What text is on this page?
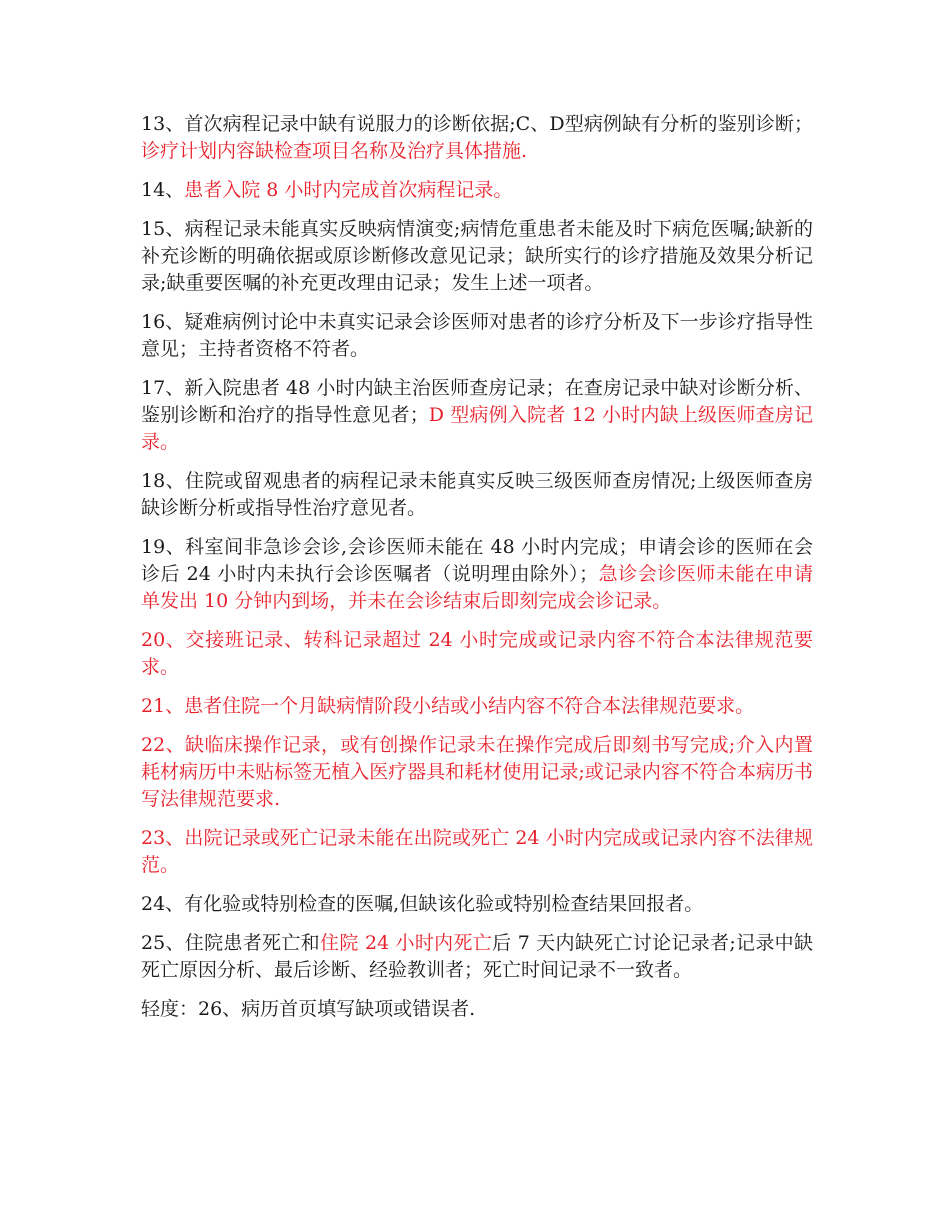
13、首次病程记录中缺有说服力的诊断依据;C、D型病例缺有分析的鉴别诊断；诊疗计划内容缺检查项目名称及治疗具体措施.

14、患者入院 8 小时内完成首次病程记录。

15、病程记录未能真实反映病情演变;病情危重患者未能及时下病危医嘱;缺新的补充诊断的明确依据或原诊断修改意见记录；缺所实行的诊疗措施及效果分析记录;缺重要医嘱的补充更改理由记录；发生上述一项者。

16、疑难病例讨论中未真实记录会诊医师对患者的诊疗分析及下一步诊疗指导性意见；主持者资格不符者。

17、新入院患者 48 小时内缺主治医师查房记录；在查房记录中缺对诊断分析、鉴别诊断和治疗的指导性意见者；D 型病例入院者 12 小时内缺上级医师查房记录。

18、住院或留观患者的病程记录未能真实反映三级医师查房情况;上级医师查房缺诊断分析或指导性治疗意见者。

19、科室间非急诊会诊,会诊医师未能在 48 小时内完成；申请会诊的医师在会诊后 24 小时内未执行会诊医嘱者（说明理由除外）；急诊会诊医师未能在申请单发出 10 分钟内到场，并未在会诊结束后即刻完成会诊记录。

20、交接班记录、转科记录超过 24 小时完成或记录内容不符合本法律规范要求。

21、患者住院一个月缺病情阶段小结或小结内容不符合本法律规范要求。

22、缺临床操作记录，或有创操作记录未在操作完成后即刻书写完成;介入内置耗材病历中未贴标签无植入医疗器具和耗材使用记录;或记录内容不符合本病历书写法律规范要求.

23、出院记录或死亡记录未能在出院或死亡 24 小时内完成或记录内容不法律规范。

24、有化验或特别检查的医嘱,但缺该化验或特别检查结果回报者。

25、住院患者死亡和住院 24 小时内死亡后 7 天内缺死亡讨论记录者;记录中缺死亡原因分析、最后诊断、经验教训者；死亡时间记录不一致者。

轻度：26、病历首页填写缺项或错误者.
